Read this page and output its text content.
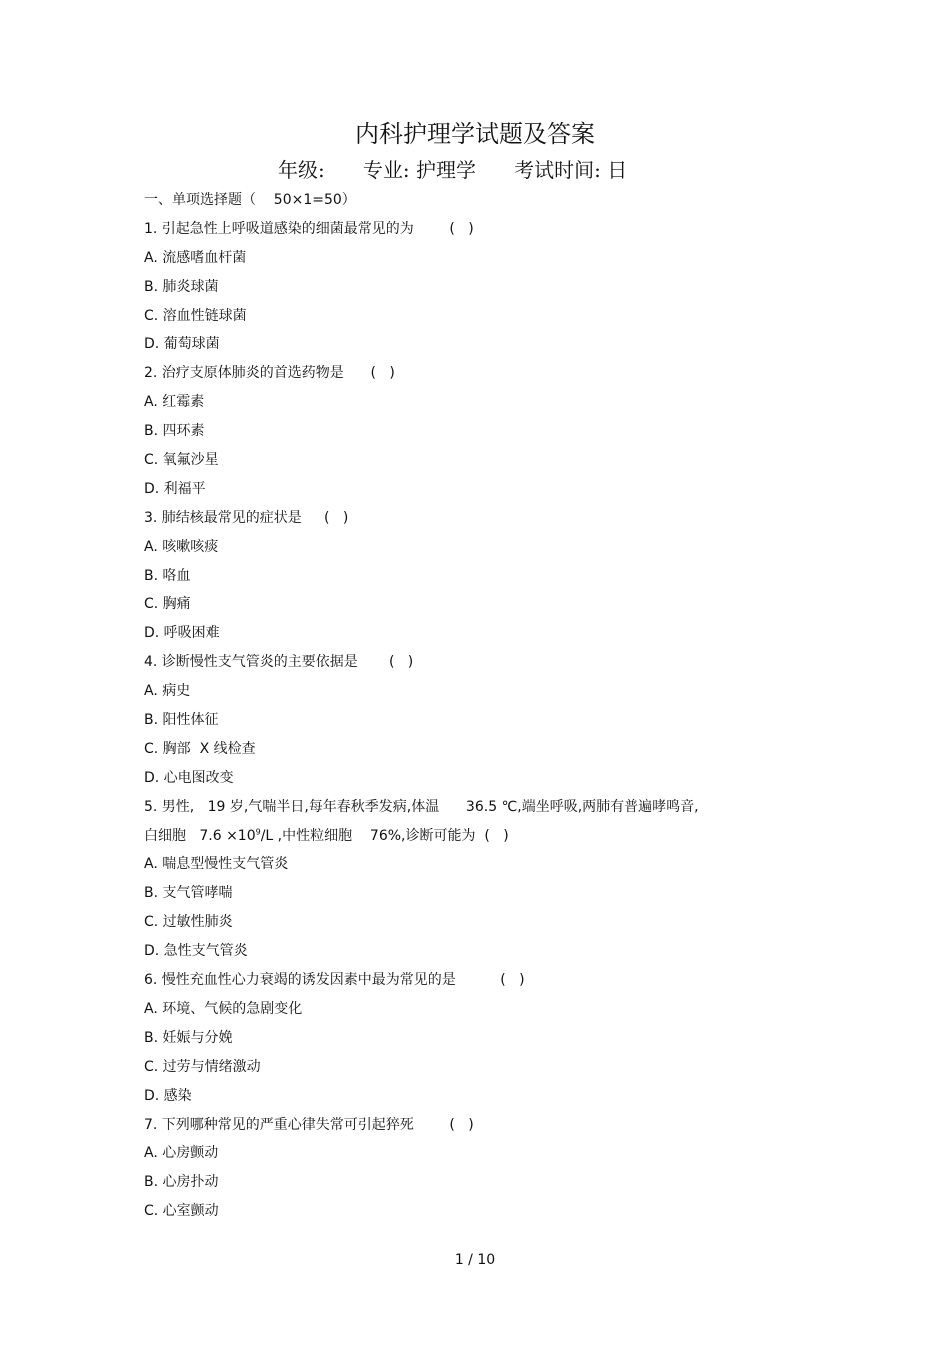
内科护理学试题及答案
年级:      专业: 护理学      考试时间: 日
一、单项选择题（    50×1=50）
1. 引起急性上呼吸道感染的细菌最常见的为        (   )
A. 流感嗜血杆菌
B. 肺炎球菌
C. 溶血性链球菌
D. 葡萄球菌
2. 治疗支原体肺炎的首选药物是      (   )
A. 红霉素
B. 四环素
C. 氧氟沙星
D. 利福平
3. 肺结核最常见的症状是     (   )
A. 咳嗽咳痰
B. 咯血
C. 胸痛
D. 呼吸困难
4. 诊断慢性支气管炎的主要依据是       (   )
A. 病史
B. 阳性体征
C. 胸部  X 线检查
D. 心电图改变
5. 男性,   19 岁,气喘半日,每年春秋季发病,体温      36.5 ℃,端坐呼吸,两肺有普遍哮鸣音,
白细胞   $7.6 \times 10^9/L$ ,中性粒细胞    76%,诊断可能为  (   )
A. 喘息型慢性支气管炎
B. 支气管哮喘
C. 过敏性肺炎
D. 急性支气管炎
6. 慢性充血性心力衰竭的诱发因素中最为常见的是          (   )
A. 环境、气候的急剧变化
B. 妊娠与分娩
C. 过劳与情绪激动
D. 感染
7. 下列哪种常见的严重心律失常可引起猝死        (   )
A. 心房颤动
B. 心房扑动
C. 心室颤动
1 / 10
